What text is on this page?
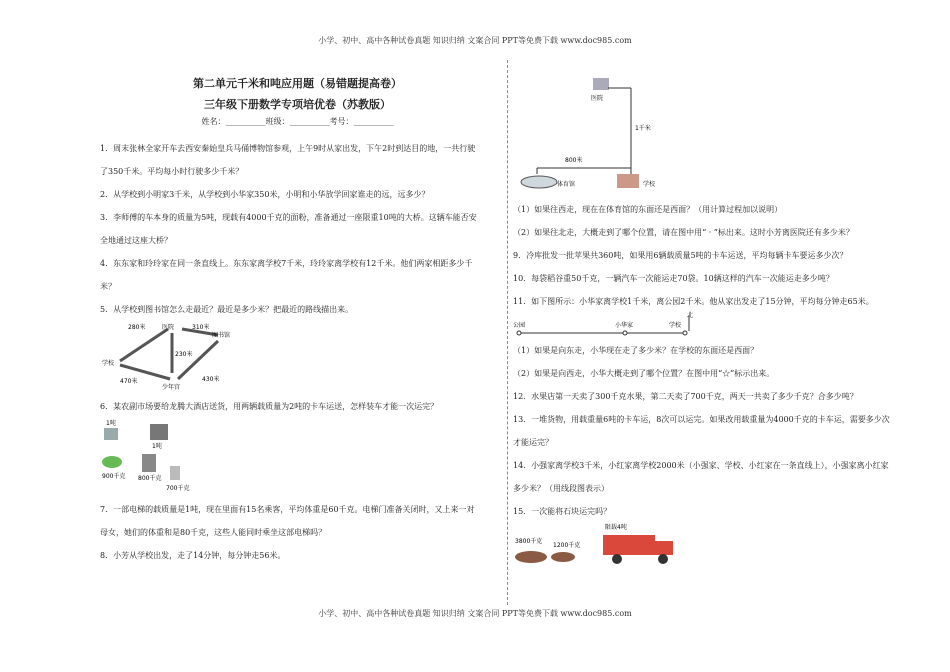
小学、初中、高中各种试卷真题 知识归纳 文案合同 PPT等免费下载 www.doc985.com
第二单元千米和吨应用题（易错题提高卷）
三年级下册数学专项培优卷（苏教版）
姓名：__________班级：__________考号：__________

1．周末张林全家开车去西安秦始皇兵马俑博物馆参观，上午9时从家出发，下午2时到达目的地，一共行驶

了350千米。平均每小时行驶多少千米？

2．从学校到小明家3千米，从学校到小华家350米，小明和小华放学回家谁走的远，远多少？

3．李师傅的车本身的质量为5吨，现载有4000千克的面粉，准备通过一座限重10吨的大桥。这辆车能否安

全地通过这座大桥？

4．东东家和玲玲家在同一条直线上。东东家离学校7千米，玲玲家离学校有12千米。他们两家相距多少千

米？

5．从学校到图书馆怎么走最近？最近是多少米？把最近的路线描出来。

学校
医院
图书馆
少年宫
280米	310米
230米
470米	430米

6．某农副市场要给龙腾大酒店送货，用两辆载质量为2吨的卡车运送，怎样装车才能一次运完？

1吨
1吨
900千克 800千克
700千克

7．一部电梯的载质量是1吨，现在里面有15名乘客，平均体重是60千克。电梯门准备关闭时，又上来一对

母女，她们的体重和是80千克，这些人能同时乘坐这部电梯吗？

8．小芳从学校出发，走了14分钟，每分钟走56米。

医院
1千米
800米
体育馆	学校

（1）如果往西走，现在在体育馆的东面还是西面？（用计算过程加以说明）

（2）如果往北走，大概走到了哪个位置，请在图中用“ · ”标出来。这时小芳离医院还有多少米？

9．冷库批发一批苹果共360吨，如果用6辆载质量5吨的卡车运送，平均每辆卡车要运多少次？

10．每袋稻谷重50千克，一辆汽车一次能运走70袋。10辆这样的汽车一次能运走多少吨？

11．如下图所示：小华家离学校1千米，离公园2千米。他从家出发走了15分钟，平均每分钟走65米。

公园	小华家	学校
北

（1）如果是向东走，小华现在走了多少米？在学校的东面还是西面？

（2）如果是向西走，小华大概走到了哪个位置？在图中用“☆”标示出来。

12．水果店第一天卖了300千克水果，第二天卖了700千克，两天一共卖了多少千克？合多少吨？

13．一堆货物，用载重量6吨的卡车运，8次可以运完。如果改用载重量为4000千克的卡车运，需要多少次

才能运完？

14．小强家离学校3千米，小红家离学校2000米（小强家、学校、小红家在一条直线上），小强家离小红家

多少米？（用线段图表示）

15．一次能将石块运完吗？

3800千克
1200千克
限载4吨
小学、初中、高中各种试卷真题 知识归纳 文案合同 PPT等免费下载 www.doc985.com
